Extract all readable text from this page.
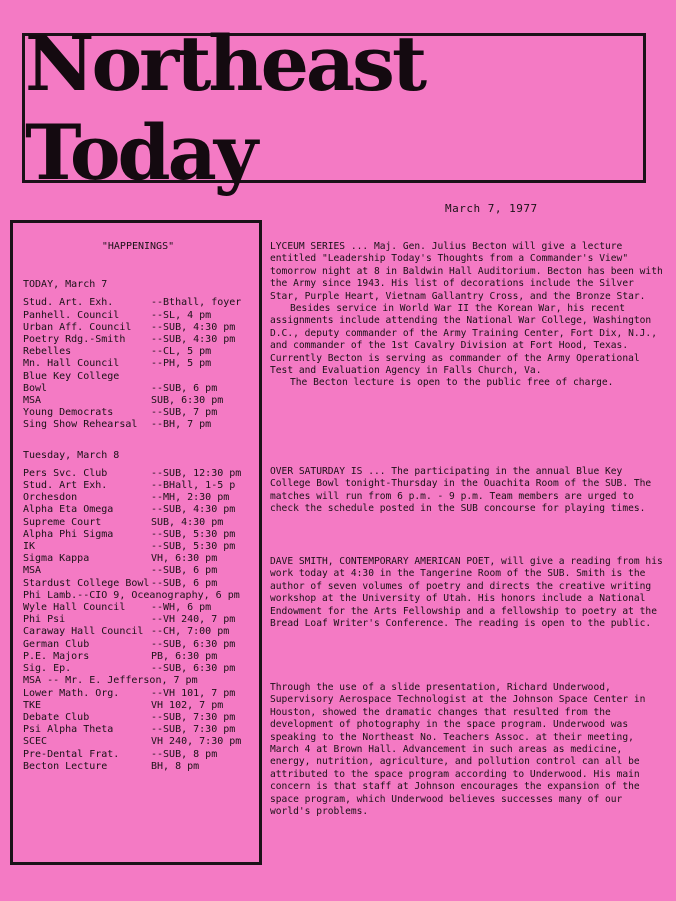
Northeast Today
March 7, 1977
"HAPPENINGS"
TODAY, March 7
Stud. Art. Exh.	--Bthall, foyer
Panhell. Council	--SL, 4 pm
Urban Aff. Council	--SUB, 4:30 pm
Poetry Rdg.-Smith	--SUB, 4:30 pm
Rebelles	--CL, 5 pm
Mn. Hall Council	--PH, 5 pm
Blue Key College
Bowl	--SUB, 6 pm
MSA	SUB, 6:30 pm
Young Democrats	--SUB, 7 pm
Sing Show Rehearsal	--BH, 7 pm
Tuesday, March 8
Pers Svc. Club	--SUB, 12:30 pm
Stud. Art Exh.	--BHall, 1-5 p
Orchesdon	--MH, 2:30 pm
Alpha Eta Omega	--SUB, 4:30 pm
Supreme Court	SUB, 4:30 pm
Alpha Phi Sigma	--SUB, 5:30 pm
IK	--SUB, 5:30 pm
Sigma Kappa	VH, 6:30 pm
MSA	--SUB, 6 pm
Stardust College Bowl --SUB, 6 pm
Phi Lamb.--CIO 9, Oceanography, 6 pm
Wyle Hall Council	--WH, 6 pm
Phi Psi	--VH 240, 7 pm
Caraway Hall Council --CH, 7:00 pm
German Club	--SUB, 6:30 pm
P.E. Majors	PB, 6:30 pm
Sig. Ep.	--SUB, 6:30 pm
MSA -- Mr. E. Jefferson, 7 pm
Lower Math. Org.	--VH 101, 7 pm
TKE	VH 102, 7 pm
Debate Club	--SUB, 7:30 pm
Psi Alpha Theta	--SUB, 7:30 pm
SCEC	VH 240, 7:30 pm
Pre-Dental Frat.	--SUB, 8 pm
Becton Lecture	BH, 8 pm
LYCEUM SERIES ... Maj. Gen. Julius Becton will give a lecture entitled "Leadership Today's Thoughts from a Commander's View" tomorrow night at 8 in Baldwin Hall Auditorium. Becton has been with the Army since 1943. His list of decorations include the Silver Star, Purple Heart, Vietnam Gallantry Cross, and the Bronze Star.
Besides service in World War II the Korean War, his recent assignments include attending the National War College, Washington D.C., deputy commander of the Army Training Center, Fort Dix, N.J., and commander of the 1st Cavalry Division at Fort Hood, Texas. Currently Becton is serving as commander of the Army Operational Test and Evaluation Agency in Falls Church, Va.
The Becton lecture is open to the public free of charge.

OVER SATURDAY IS ... The participating in the annual Blue Key College Bowl tonight-Thursday in the Ouachita Room of the SUB. The matches will run from 6 p.m. - 9 p.m. Team members are urged to check the schedule posted in the SUB concourse for playing times.

DAVE SMITH, CONTEMPORARY AMERICAN POET, will give a reading from his work today at 4:30 in the Tangerine Room of the SUB. Smith is the author of seven volumes of poetry and directs the creative writing workshop at the University of Utah. His honors include a National Endowment for the Arts Fellowship and a fellowship to poetry at the Bread Loaf Writer's Conference. The reading is open to the public.

Through the use of a slide presentation, Richard Underwood, Supervisory Aerospace Technologist at the Johnson Space Center in Houston, showed the dramatic changes that resulted from the development of photography in the space program. Underwood was speaking to the Northeast No. Teachers Assoc. at their meeting, March 4 at Brown Hall. Advancement in such areas as medicine, energy, nutrition, agriculture, and pollution control can all be attributed to the space program according to Underwood. His main concern is that staff at Johnson encourages the expansion of the space program, which Underwood believes successes many of our world's problems.
